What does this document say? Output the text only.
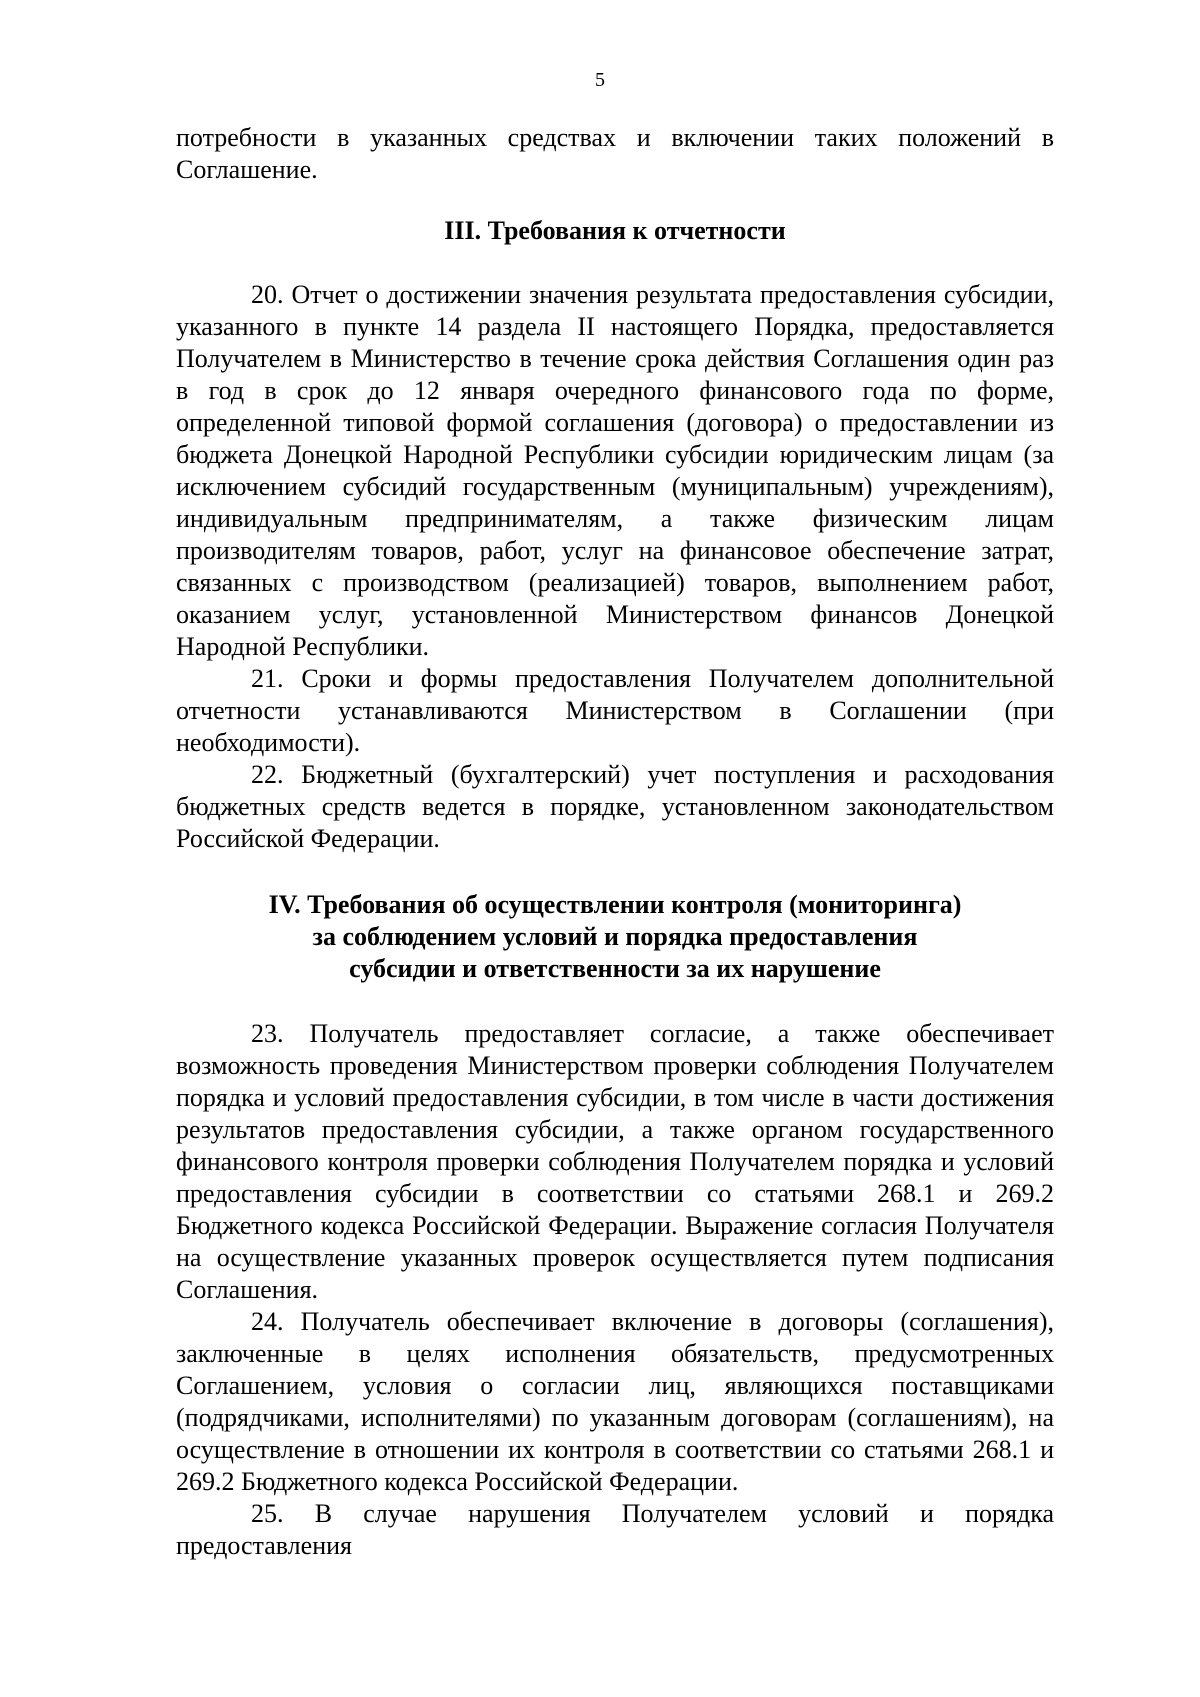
5

потребности в указанных средствах и включении таких положений в Соглашение.

III. Требования к отчетности

20. Отчет о достижении значения результата предоставления субсидии, указанного в пункте 14 раздела II настоящего Порядка, предоставляется Получателем в Министерство в течение срока действия Соглашения один раз в год в срок до 12 января очередного финансового года по форме, определенной типовой формой соглашения (договора) о предоставлении из бюджета Донецкой Народной Республики субсидии юридическим лицам (за исключением субсидий государственным (муниципальным) учреждениям), индивидуальным предпринимателям, а также физическим лицам производителям товаров, работ, услуг на финансовое обеспечение затрат, связанных с производством (реализацией) товаров, выполнением работ, оказанием услуг, установленной Министерством финансов Донецкой Народной Республики.

21. Сроки и формы предоставления Получателем дополнительной отчетности устанавливаются Министерством в Соглашении (при необходимости).

22. Бюджетный (бухгалтерский) учет поступления и расходования бюджетных средств ведется в порядке, установленном законодательством Российской Федерации.

IV. Требования об осуществлении контроля (мониторинга)
за соблюдением условий и порядка предоставления
субсидии и ответственности за их нарушение

23. Получатель предоставляет согласие, а также обеспечивает возможность проведения Министерством проверки соблюдения Получателем порядка и условий предоставления субсидии, в том числе в части достижения результатов предоставления субсидии, а также органом государственного финансового контроля проверки соблюдения Получателем порядка и условий предоставления субсидии в соответствии со статьями 268.1 и 269.2 Бюджетного кодекса Российской Федерации. Выражение согласия Получателя на осуществление указанных проверок осуществляется путем подписания Соглашения.

24. Получатель обеспечивает включение в договоры (соглашения), заключенные в целях исполнения обязательств, предусмотренных Соглашением, условия о согласии лиц, являющихся поставщиками (подрядчиками, исполнителями) по указанным договорам (соглашениям), на осуществление в отношении их контроля в соответствии со статьями 268.1 и 269.2 Бюджетного кодекса Российской Федерации.

25. В случае нарушения Получателем условий и порядка предоставления
